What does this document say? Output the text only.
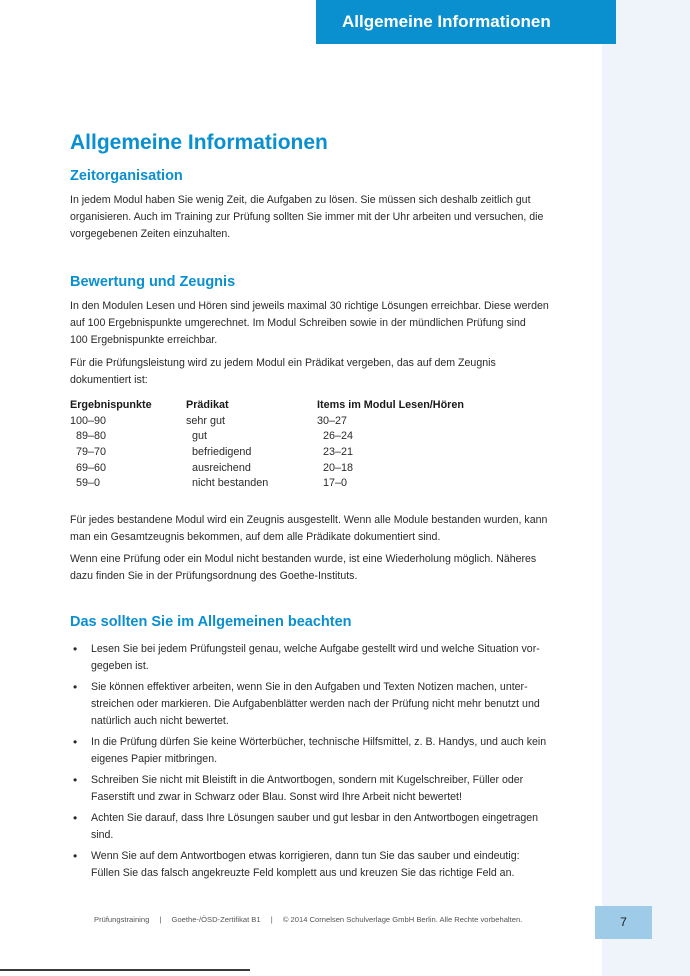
Allgemeine Informationen
Allgemeine Informationen
Zeitorganisation
In jedem Modul haben Sie wenig Zeit, die Aufgaben zu lösen. Sie müssen sich deshalb zeitlich gut
organisieren. Auch im Training zur Prüfung sollten Sie immer mit der Uhr arbeiten und versuchen, die
vorgegebenen Zeiten einzuhalten.
Bewertung und Zeugnis
In den Modulen Lesen und Hören sind jeweils maximal 30 richtige Lösungen erreichbar. Diese werden
auf 100 Ergebnispunkte umgerechnet. Im Modul Schreiben sowie in der mündlichen Prüfung sind
100 Ergebnispunkte erreichbar.
Für die Prüfungsleistung wird zu jedem Modul ein Prädikat vergeben, das auf dem Zeugnis
dokumentiert ist:
Ergebnispunkte	Prädikat	Items im Modul Lesen/Hören
100–90	sehr gut	30–27
89–80	gut	26–24
79–70	befriedigend	23–21
69–60	ausreichend	20–18
59–0	nicht bestanden	17–0
Für jedes bestandene Modul wird ein Zeugnis ausgestellt. Wenn alle Module bestanden wurden, kann
man ein Gesamtzeugnis bekommen, auf dem alle Prädikate dokumentiert sind.
Wenn eine Prüfung oder ein Modul nicht bestanden wurde, ist eine Wiederholung möglich. Näheres
dazu finden Sie in der Prüfungsordnung des Goethe-Instituts.
Das sollten Sie im Allgemeinen beachten
• Lesen Sie bei jedem Prüfungsteil genau, welche Aufgabe gestellt wird und welche Situation vor-
gegeben ist.
• Sie können effektiver arbeiten, wenn Sie in den Aufgaben und Texten Notizen machen, unter-
streichen oder markieren. Die Aufgabenblätter werden nach der Prüfung nicht mehr benutzt und
natürlich auch nicht bewertet.
• In die Prüfung dürfen Sie keine Wörterbücher, technische Hilfsmittel, z. B. Handys, und auch kein
eigenes Papier mitbringen.
• Schreiben Sie nicht mit Bleistift in die Antwortbogen, sondern mit Kugelschreiber, Füller oder
Faserstift und zwar in Schwarz oder Blau. Sonst wird Ihre Arbeit nicht bewertet!
• Achten Sie darauf, dass Ihre Lösungen sauber und gut lesbar in den Antwortbogen eingetragen
sind.
• Wenn Sie auf dem Antwortbogen etwas korrigieren, dann tun Sie das sauber und eindeutig:
Füllen Sie das falsch angekreuzte Feld komplett aus und kreuzen Sie das richtige Feld an.
Prüfungstraining | Goethe-/ÖSD-Zertifikat B1 | © 2014 Cornelsen Schulverlage GmbH Berlin. Alle Rechte vorbehalten.	7
